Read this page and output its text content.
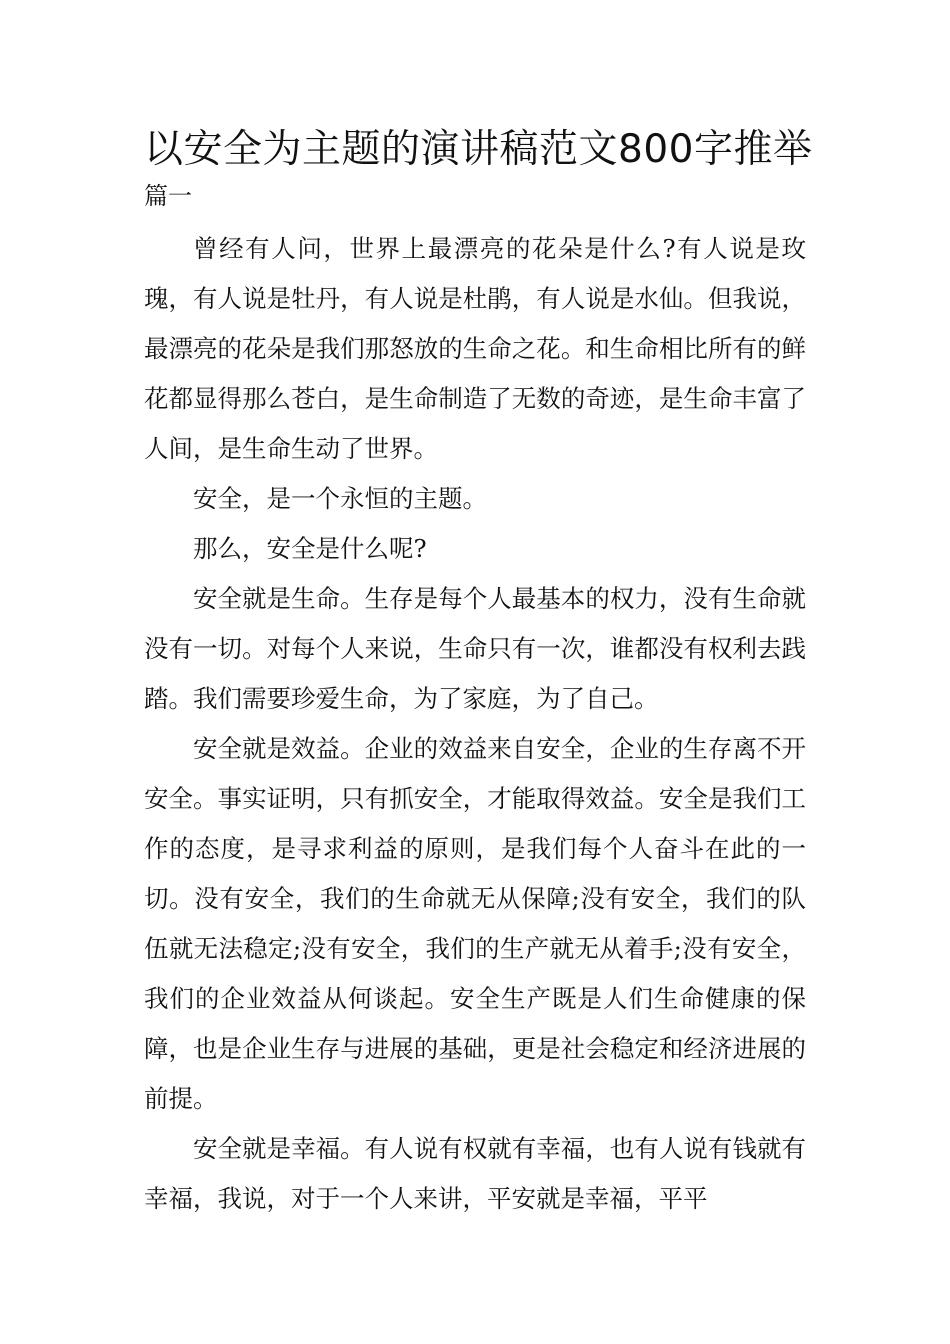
以安全为主题的演讲稿范文800字推举
篇一

曾经有人问，世界上最漂亮的花朵是什么?有人说是玫瑰，有人说是牡丹，有人说是杜鹃，有人说是水仙。但我说，最漂亮的花朵是我们那怒放的生命之花。和生命相比所有的鲜花都显得那么苍白，是生命制造了无数的奇迹，是生命丰富了人间，是生命生动了世界。

安全，是一个永恒的主题。

那么，安全是什么呢?

安全就是生命。生存是每个人最基本的权力，没有生命就没有一切。对每个人来说，生命只有一次，谁都没有权利去践踏。我们需要珍爱生命，为了家庭，为了自己。

安全就是效益。企业的效益来自安全，企业的生存离不开安全。事实证明，只有抓安全，才能取得效益。安全是我们工作的态度，是寻求利益的原则，是我们每个人奋斗在此的一切。没有安全，我们的生命就无从保障;没有安全，我们的队伍就无法稳定;没有安全，我们的生产就无从着手;没有安全，我们的企业效益从何谈起。安全生产既是人们生命健康的保障，也是企业生存与进展的基础，更是社会稳定和经济进展的前提。

安全就是幸福。有人说有权就有幸福，也有人说有钱就有幸福，我说，对于一个人来讲，平安就是幸福，平平
